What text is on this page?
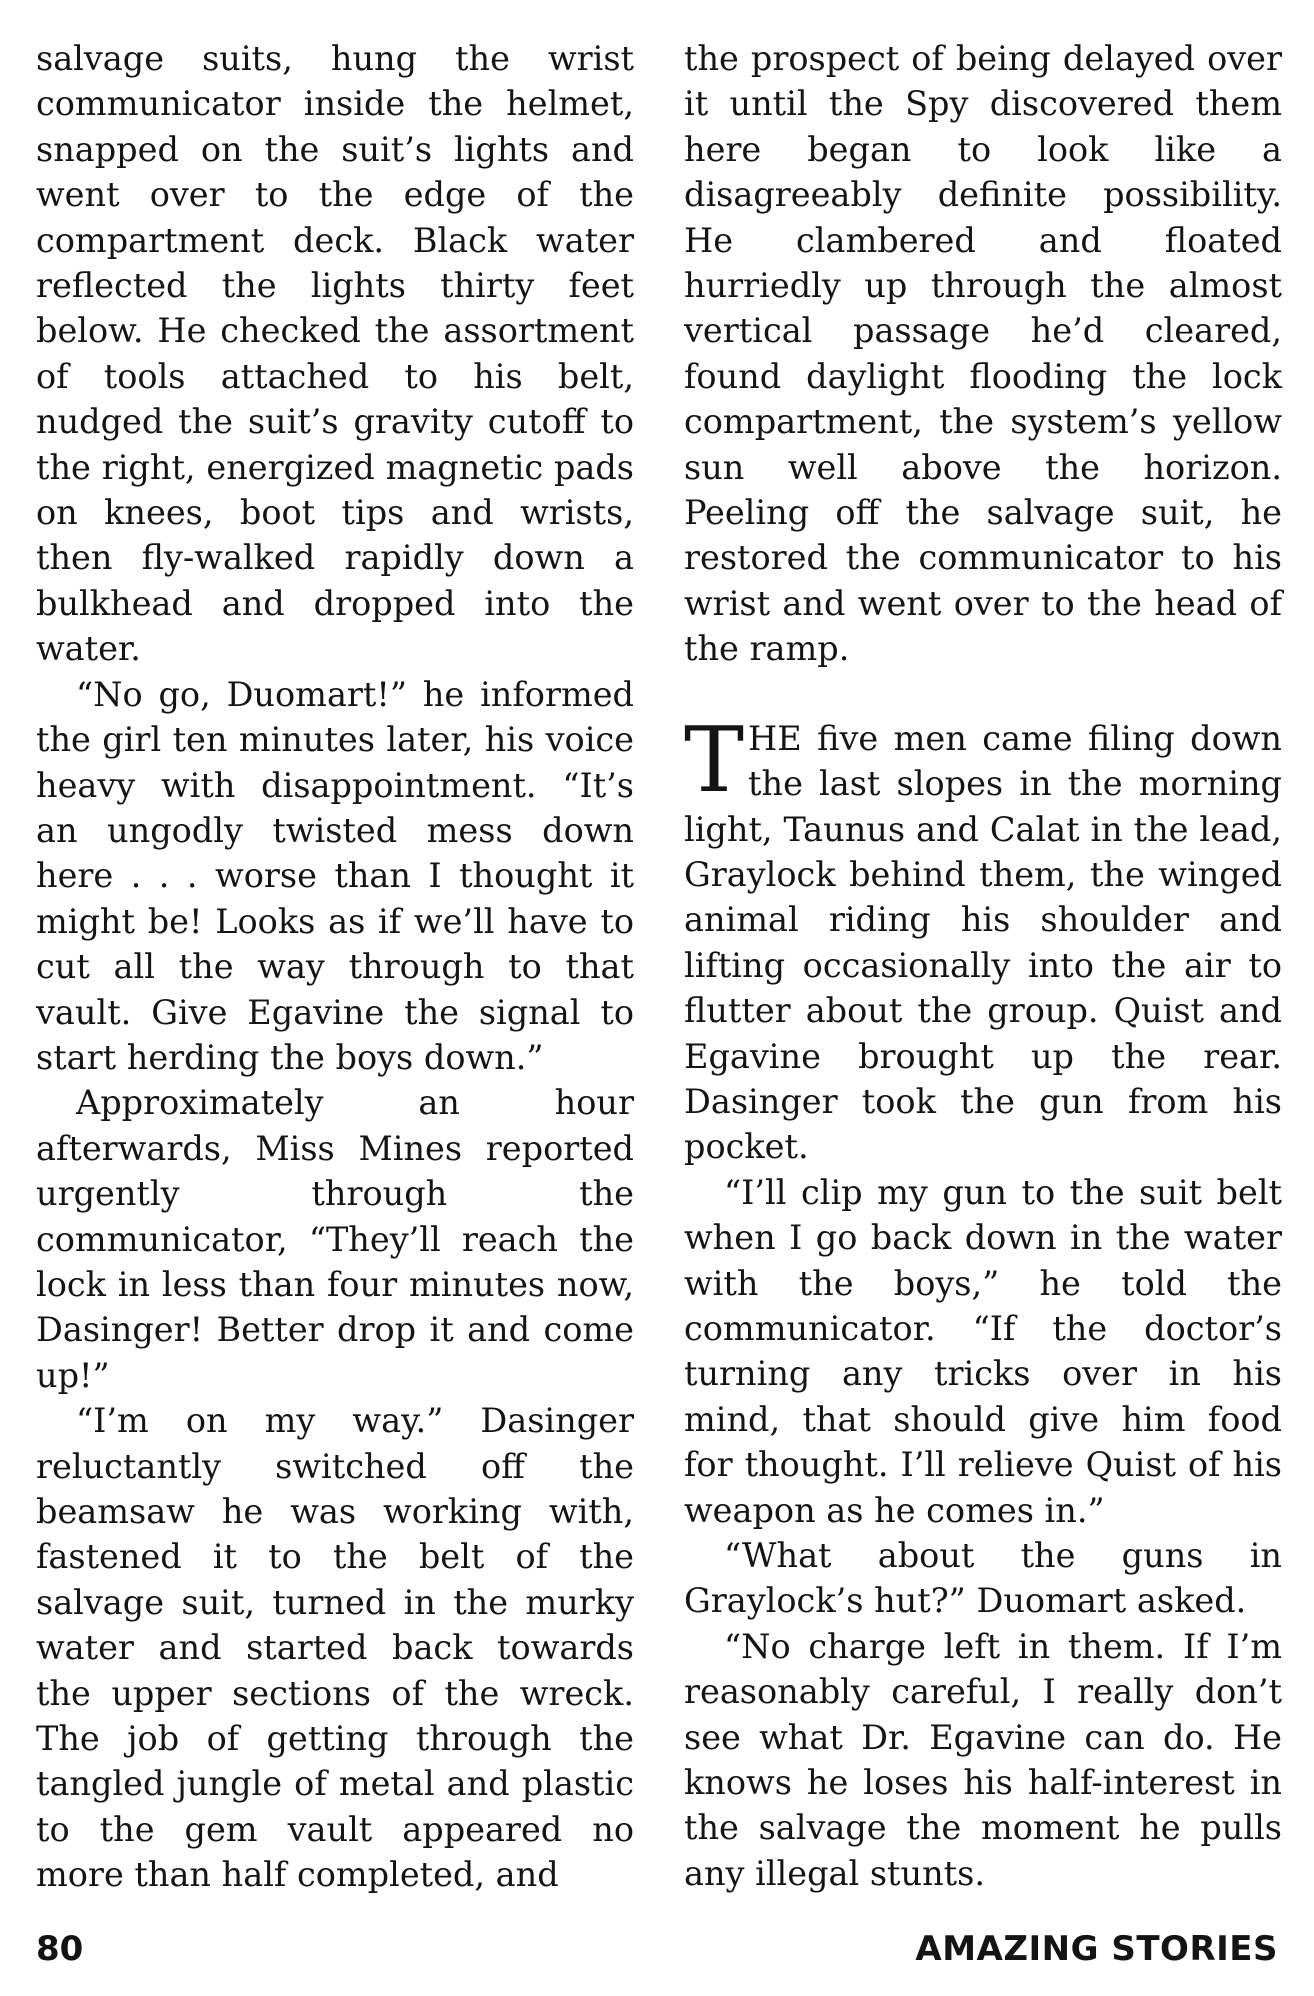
salvage suits, hung the wrist communicator inside the helmet, snapped on the suit’s lights and went over to the edge of the compartment deck. Black water reflected the lights thirty feet below. He checked the assortment of tools attached to his belt, nudged the suit’s gravity cutoff to the right, energized magnetic pads on knees, boot tips and wrists, then fly-walked rapidly down a bulkhead and dropped into the water.

“No go, Duomart!” he informed the girl ten minutes later, his voice heavy with disappointment. “It’s an ungodly twisted mess down here . . . worse than I thought it might be! Looks as if we’ll have to cut all the way through to that vault. Give Egavine the signal to start herding the boys down.”

Approximately an hour afterwards, Miss Mines reported urgently through the communicator, “They’ll reach the lock in less than four minutes now, Dasinger! Better drop it and come up!”

“I’m on my way.” Dasinger reluctantly switched off the beamsaw he was working with, fastened it to the belt of the salvage suit, turned in the murky water and started back towards the upper sections of the wreck. The job of getting through the tangled jungle of metal and plastic to the gem vault appeared no more than half completed, and

the prospect of being delayed over it until the Spy discovered them here began to look like a disagreeably definite possibility. He clambered and floated hurriedly up through the almost vertical passage he’d cleared, found daylight flooding the lock compartment, the system’s yellow sun well above the horizon. Peeling off the salvage suit, he restored the communicator to his wrist and went over to the head of the ramp.

THE five men came filing down the last slopes in the morning light, Taunus and Calat in the lead, Graylock behind them, the winged animal riding his shoulder and lifting occasionally into the air to flutter about the group. Quist and Egavine brought up the rear. Dasinger took the gun from his pocket.

“I’ll clip my gun to the suit belt when I go back down in the water with the boys,” he told the communicator. “If the doctor’s turning any tricks over in his mind, that should give him food for thought. I’ll relieve Quist of his weapon as he comes in.”

“What about the guns in Graylock’s hut?” Duomart asked.

“No charge left in them. If I’m reasonably careful, I really don’t see what Dr. Egavine can do. He knows he loses his half-interest in the salvage the moment he pulls any illegal stunts.

80	AMAZING STORIES
